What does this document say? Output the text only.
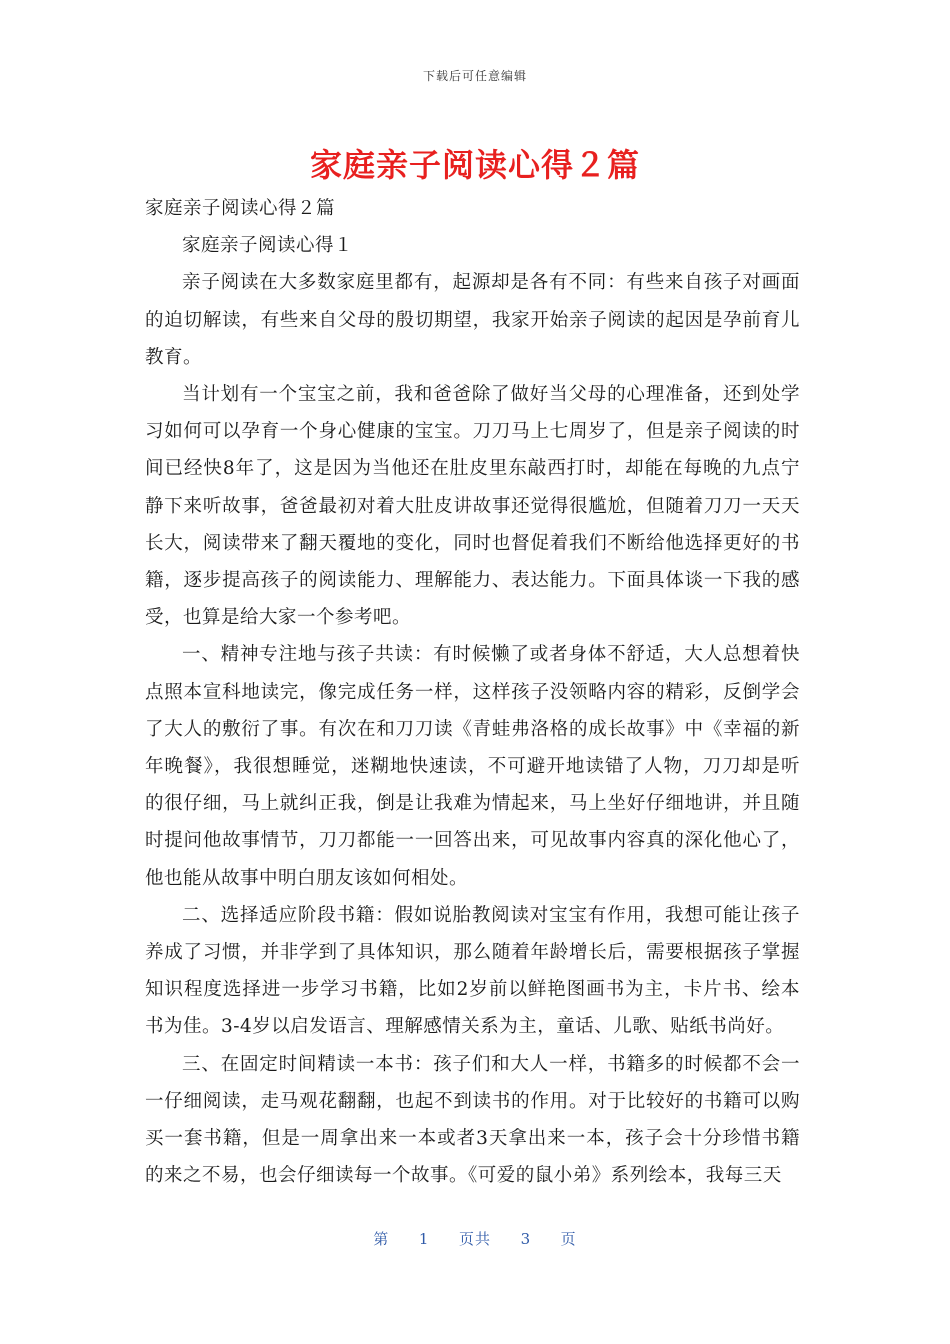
下载后可任意编辑
家庭亲子阅读心得２篇

家庭亲子阅读心得２篇

家庭亲子阅读心得１

亲子阅读在大多数家庭里都有，起源却是各有不同：有些来自孩子对画面的迫切解读，有些来自父母的殷切期望，我家开始亲子阅读的起因是孕前育儿教育。

当计划有一个宝宝之前，我和爸爸除了做好当父母的心理准备，还到处学习如何可以孕育一个身心健康的宝宝。刀刀马上七周岁了，但是亲子阅读的时间已经快8年了，这是因为当他还在肚皮里东敲西打时，却能在每晚的九点宁静下来听故事，爸爸最初对着大肚皮讲故事还觉得很尴尬，但随着刀刀一天天长大，阅读带来了翻天覆地的变化，同时也督促着我们不断给他选择更好的书籍，逐步提高孩子的阅读能力、理解能力、表达能力。下面具体谈一下我的感受，也算是给大家一个参考吧。

一、精神专注地与孩子共读：有时候懒了或者身体不舒适，大人总想着快点照本宣科地读完，像完成任务一样，这样孩子没领略内容的精彩，反倒学会了大人的敷衍了事。有次在和刀刀读《青蛙弗洛格的成长故事》中《幸福的新年晚餐》，我很想睡觉，迷糊地快速读，不可避开地读错了人物，刀刀却是听的很仔细，马上就纠正我，倒是让我难为情起来，马上坐好仔细地讲，并且随时提问他故事情节，刀刀都能一一回答出来，可见故事内容真的深化他心了，他也能从故事中明白朋友该如何相处。

二、选择适应阶段书籍：假如说胎教阅读对宝宝有作用，我想可能让孩子养成了习惯，并非学到了具体知识，那么随着年龄增长后，需要根据孩子掌握知识程度选择进一步学习书籍，比如2岁前以鲜艳图画书为主，卡片书、绘本书为佳。3-4岁以启发语言、理解感情关系为主，童话、儿歌、贴纸书尚好。

三、在固定时间精读一本书：孩子们和大人一样，书籍多的时候都不会一一仔细阅读，走马观花翻翻，也起不到读书的作用。对于比较好的书籍可以购买一套书籍，但是一周拿出来一本或者3天拿出来一本，孩子会十分珍惜书籍的来之不易，也会仔细读每一个故事。《可爱的鼠小弟》系列绘本，我每三天

第 1 页共 3 页
